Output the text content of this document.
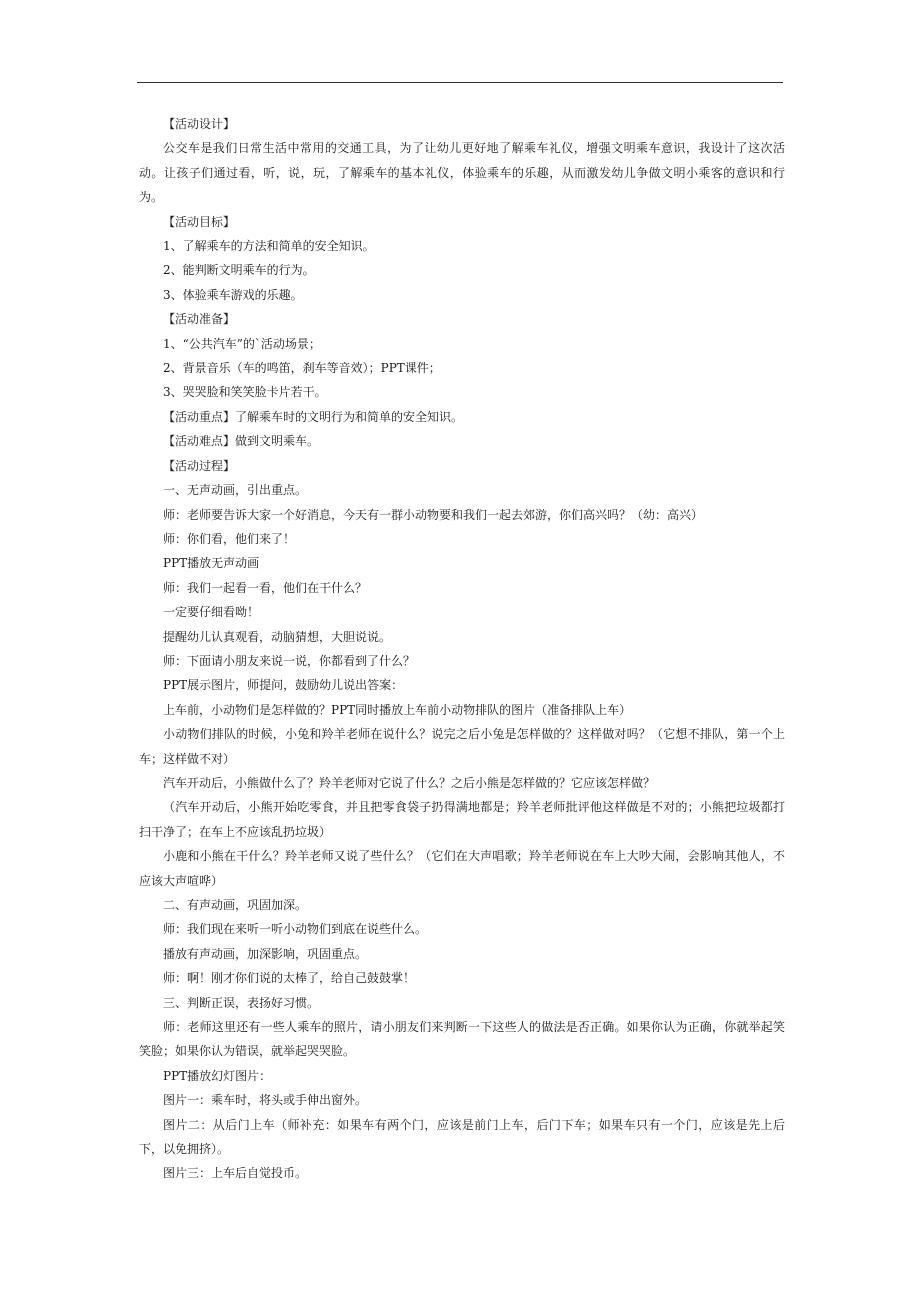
【活动设计】

公交车是我们日常生活中常用的交通工具，为了让幼儿更好地了解乘车礼仪，增强文明乘车意识，我设计了这次活动。让孩子们通过看，听，说，玩，了解乘车的基本礼仪，体验乘车的乐趣，从而激发幼儿争做文明小乘客的意识和行为。

【活动目标】

1、了解乘车的方法和简单的安全知识。

2、能判断文明乘车的行为。

3、体验乘车游戏的乐趣。

【活动准备】

1、“公共汽车”的`活动场景；

2、背景音乐（车的鸣笛，刹车等音效）；PPT课件；

3、哭哭脸和笑笑脸卡片若干。

【活动重点】了解乘车时的文明行为和简单的安全知识。

【活动难点】做到文明乘车。

【活动过程】

一、无声动画，引出重点。

师：老师要告诉大家一个好消息，今天有一群小动物要和我们一起去郊游，你们高兴吗？（幼：高兴）

师：你们看，他们来了！

PPT播放无声动画

师：我们一起看一看，他们在干什么？

一定要仔细看呦！

提醒幼儿认真观看，动脑猜想，大胆说说。

师：下面请小朋友来说一说，你都看到了什么？

PPT展示图片，师提问，鼓励幼儿说出答案：

上车前，小动物们是怎样做的？PPT同时播放上车前小动物排队的图片（准备排队上车）

小动物们排队的时候，小兔和羚羊老师在说什么？说完之后小兔是怎样做的？这样做对吗？（它想不排队，第一个上车；这样做不对）

汽车开动后，小熊做什么了？羚羊老师对它说了什么？之后小熊是怎样做的？它应该怎样做？

（汽车开动后，小熊开始吃零食，并且把零食袋子扔得满地都是；羚羊老师批评他这样做是不对的；小熊把垃圾都打扫干净了；在车上不应该乱扔垃圾）

小鹿和小熊在干什么？羚羊老师又说了些什么？（它们在大声唱歌；羚羊老师说在车上大吵大闹，会影响其他人，不应该大声喧哗）

二、有声动画，巩固加深。

师：我们现在来听一听小动物们到底在说些什么。

播放有声动画，加深影响，巩固重点。

师：啊！刚才你们说的太棒了，给自己鼓鼓掌！

三、判断正误，表扬好习惯。

师：老师这里还有一些人乘车的照片，请小朋友们来判断一下这些人的做法是否正确。如果你认为正确，你就举起笑笑脸；如果你认为错误，就举起哭哭脸。

PPT播放幻灯图片：

图片一：乘车时，将头或手伸出窗外。

图片二：从后门上车（师补充：如果车有两个门，应该是前门上车，后门下车；如果车只有一个门，应该是先上后下，以免拥挤）。

图片三：上车后自觉投币。
